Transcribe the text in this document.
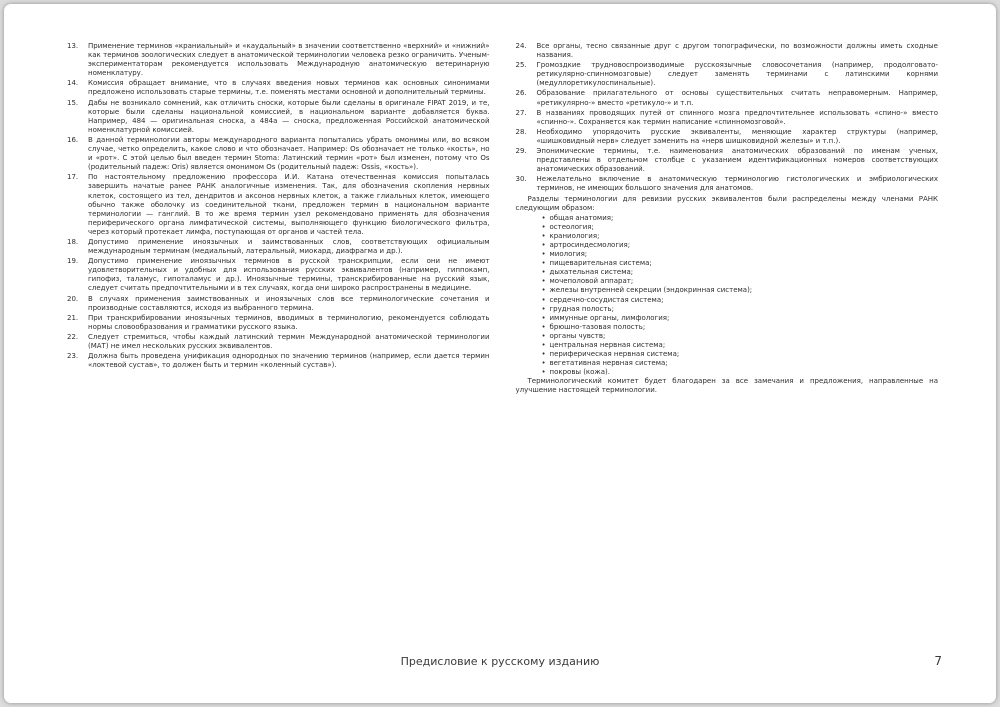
13.	Применение терминов «краниальный» и «каудальный» в значении соответственно «верхний» и «нижний» как терминов зоологических следует в анатомической терминологии человека резко ограничить. Ученым-экспериментаторам рекомендуется использовать Международную анатомическую ветеринарную номенклатуру.
14.	Комиссия обращает внимание, что в случаях введения новых терминов как основных синонимами предложено использовать старые термины, т.е. поменять местами основной и дополнительный термины.
15.	Дабы не возникало сомнений, как отличить сноски, которые были сделаны в оригинале FIPAT 2019, и те, которые были сделаны национальной комиссией, в национальном варианте добавляется буква. Например, 484 — оригинальная сноска, а 484a — сноска, предложенная Российской анатомической номенклатурной комиссией.
16.	В данной терминологии авторы международного варианта попытались убрать омонимы или, во всяком случае, четко определить, какое слово и что обозначает. Например: Os обозначает не только «кость», но и «рот». С этой целью был введен термин Stoma: Латинский термин «рот» был изменен, потому что Os (родительный падеж: Oris) является омонимом Os (родительный падеж: Ossis, «кость»).
17.	По настоятельному предложению профессора И.И. Катана отечественная комиссия попыталась завершить начатые ранее РАНК аналогичные изменения. Так, для обозначения скопления нервных клеток, состоящего из тел, дендритов и аксонов нервных клеток, а также глиальных клеток, имеющего обычно также оболочку из соединительной ткани, предложен термин в национальном варианте терминологии — ганглий. В то же время термин узел рекомендовано применять для обозначения периферического органа лимфатической системы, выполняющего функцию биологического фильтра, через который протекает лимфа, поступающая от органов и частей тела.
18.	Допустимо применение иноязычных и заимствованных слов, соответствующих официальным международным терминам (медиальный, латеральный, миокард, диафрагма и др.).
19.	Допустимо применение иноязычных терминов в русской транскрипции, если они не имеют удовлетворительных и удобных для использования русских эквивалентов (например, гиппокамп, гипофиз, таламус, гипоталамус и др.). Иноязычные термины, транскрибированные на русский язык, следует считать предпочтительными и в тех случаях, когда они широко распространены в медицине.
20.	В случаях применения заимствованных и иноязычных слов все терминологические сочетания и производные составляются, исходя из выбранного термина.
21.	При транскрибировании иноязычных терминов, вводимых в терминологию, рекомендуется соблюдать нормы словообразования и грамматики русского языка.
22.	Следует стремиться, чтобы каждый латинский термин Международной анатомической терминологии (МАТ) не имел нескольких русских эквивалентов.
23.	Должна быть проведена унификация однородных по значению терминов (например, если дается термин «локтевой сустав», то должен быть и термин «коленный сустав»).
24.	Все органы, тесно связанные друг с другом топографически, по возможности должны иметь сходные названия.
25.	Громоздкие трудновоспроизводимые русскоязычные словосочетания (например, продолговато-ретикулярно-спинномозговые) следует заменять терминами с латинскими корнями (медуллоретикулоспинальные).
26.	Образование прилагательного от основы существительных считать неправомерным. Например, «ретикулярно-» вместо «ретикуло-» и т.п.
27.	В названиях проводящих путей от спинного мозга предпочтительнее использовать «спино-» вместо «спинно-». Сохраняется как термин написание «спинномозговой».
28.	Необходимо упорядочить русские эквиваленты, меняющие характер структуры (например, «шишковидный нерв» следует заменить на «нерв шишковидной железы» и т.п.).
29.	Эпонимические термины, т.е. наименования анатомических образований по именам ученых, представлены в отдельном столбце с указанием идентификационных номеров соответствующих анатомических образований.
30.	Нежелательно включение в анатомическую терминологию гистологических и эмбриологических терминов, не имеющих большого значения для анатомов.
Разделы терминологии для ревизии русских эквивалентов были распределены между членами РАНК следующим образом:
• общая анатомия;
• остеология;
• краниология;
• артросиндесмология;
• миология;
• пищеварительная система;
• дыхательная система;
• мочеполовой аппарат;
• железы внутренней секреции (эндокринная система);
• сердечно-сосудистая система;
• грудная полость;
• иммунные органы, лимфология;
• брюшно-тазовая полость;
• органы чувств;
• центральная нервная система;
• периферическая нервная система;
• вегетативная нервная система;
• покровы (кожа).
Терминологический комитет будет благодарен за все замечания и предложения, направленные на улучшение настоящей терминологии.
Предисловие к русскому изданию	7
